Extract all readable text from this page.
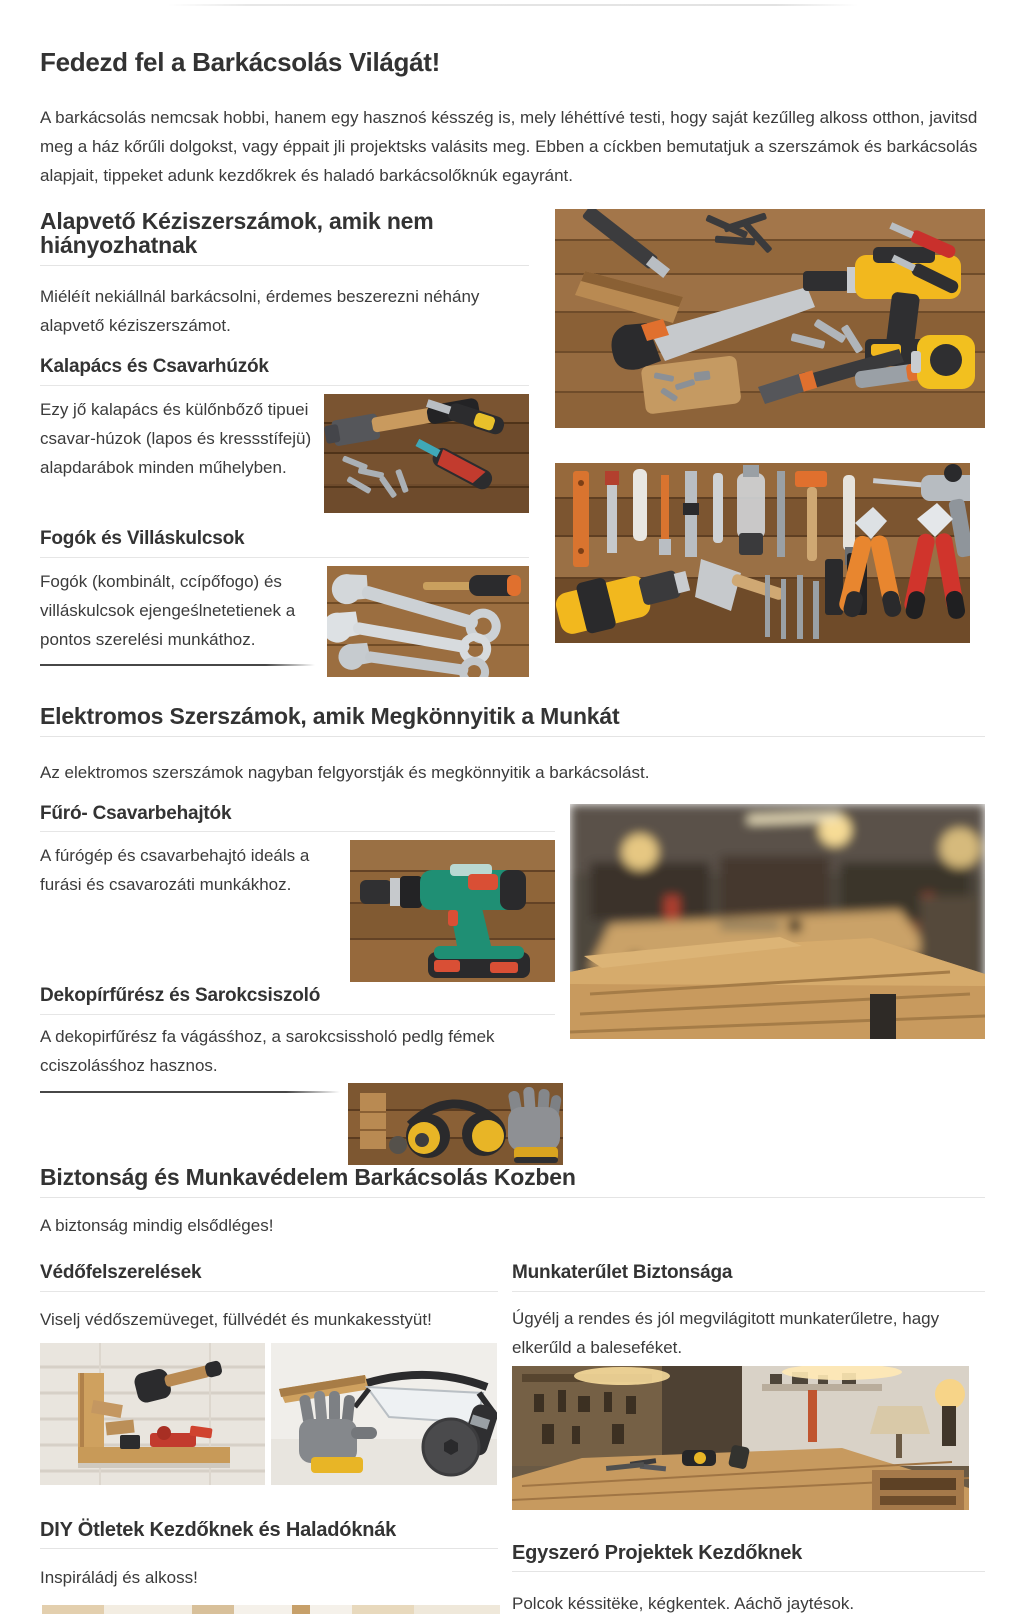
Fedezd fel a Barkácsolás Világát!

A barkácsolás nemcsak hobbi, hanem egy hasznoś késszég is, mely léhéttívé testi, hogy saját kezűlleg alkoss otthon, javitsd meg a ház kőrűli dolgokst, vagy éppait jli projektsks valásits meg. Ebben a cíckben bemutatjuk a szerszámok és barkácsolás alapjait, tippeket adunk kezdőkrek és haladó barkácsolőknúk egayránt.

Alapvető Kéziszerszámok, amik nem hiányozhatnak

Miéléít nekiállnál barkácsolni, érdemes beszerezni néhány alapvető kéziszerszámot.

Kalapács és Csavarhúzók

Ezy jő kalapács és külőnbőző tipuei csavar-húzok (lapos és kressstífejü) alapdarábok minden műhelyben.

Fogók és Villáskulcsok

Fogók (kombinált, ccípőfogo) és villáskulcsok ejengeślnetetienek a pontos szerelési munkáthoz.

Elektromos Szerszámok, amik Megkönnyitik a Munkát

Az elektromos szerszámok nagyban felgyorstják és megkönnyitik a barkácsolást.

Fűró- Csavarbehajtók

A fúrógép és csavarbehajtó ideáls a furási és csavarozáti munkákhoz.

Dekopírfűrész és Sarokcsiszoló

A dekopirfűrész fa vágásśhoz, a sarokcsissholó pedlg fémek cciszolásśhoz hasznos.

Biztonság és Munkavédelem Barkácsolás Kozben

A biztonság mindig elsődléges!

Védőfelszerelések

Viselj védőszemüveget, füllvédét és munkakesstyüt!

DIY Ötletek Kezdőknek és Haladóknák

Inspiráládj és alkoss!

Munkaterűlet Biztonsága

Úgyélj a rendes és jól megvilágitott munkaterűletre, hagy elkerűld a baleseféket.

Egyszeró Projektek Kezdőknek

Polcok késsitëke, kégkentek. Aáchŏ jaytésok.
